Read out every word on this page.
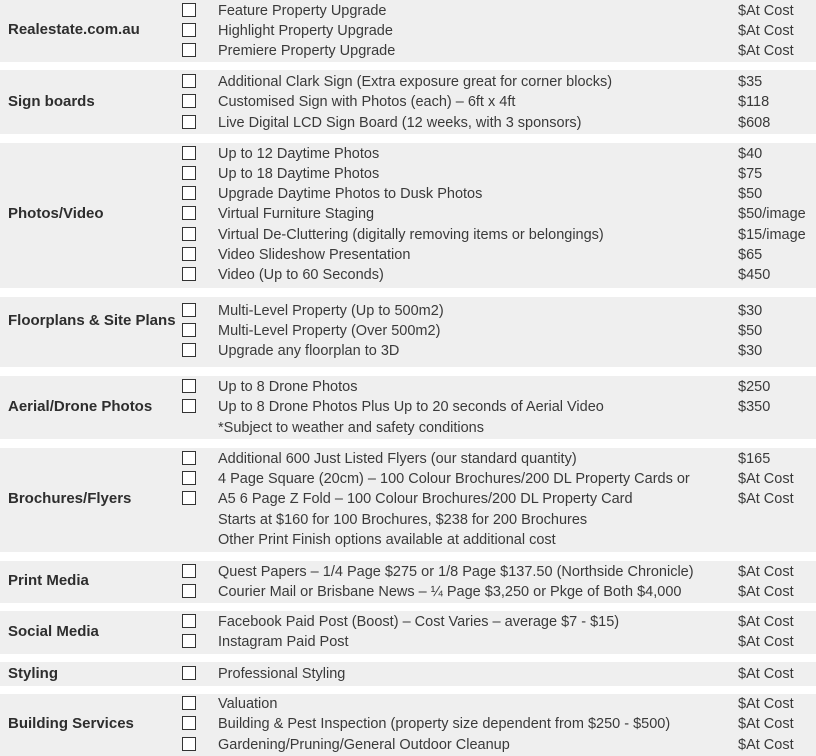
Realestate.com.au
Feature Property Upgrade	$At Cost
Highlight Property Upgrade	$At Cost
Premiere Property Upgrade	$At Cost
Sign boards
Additional Clark Sign (Extra exposure great for corner blocks)	$35
Customised Sign with Photos (each) – 6ft x 4ft	$118
Live Digital LCD Sign Board (12 weeks, with 3 sponsors)	$608
Photos/Video
Up to 12 Daytime Photos	$40
Up to 18 Daytime Photos	$75
Upgrade Daytime Photos to Dusk Photos	$50
Virtual Furniture Staging	$50/image
Virtual De-Cluttering (digitally removing items or belongings)	$15/image
Video Slideshow Presentation	$65
Video (Up to 60 Seconds)	$450
Floorplans & Site Plans
Multi-Level Property (Up to 500m2)	$30
Multi-Level Property (Over 500m2)	$50
Upgrade any floorplan to 3D	$30
Aerial/Drone Photos
Up to 8 Drone Photos	$250
Up to 8 Drone Photos Plus Up to 20 seconds of Aerial Video	$350
*Subject to weather and safety conditions
Brochures/Flyers
Additional 600 Just Listed Flyers (our standard quantity)	$165
4 Page Square (20cm) – 100 Colour Brochures/200 DL Property Cards or	$At Cost
A5 6 Page Z Fold – 100 Colour Brochures/200 DL Property Card	$At Cost
Starts at $160 for 100 Brochures, $238 for 200 Brochures
Other Print Finish options available at additional cost
Print Media	Quest Papers – 1/4 Page $275 or 1/8 Page $137.50 (Northside Chronicle)	$At Cost
Courier Mail or Brisbane News – ¼ Page $3,250 or Pkge of Both $4,000	$At Cost
Social Media
Facebook Paid Post (Boost) – Cost Varies – average $7 - $15)	$At Cost
Instagram Paid Post	$At Cost
Styling	Professional Styling	$At Cost
Building Services
Valuation	$At Cost
Building & Pest Inspection (property size dependent from $250 - $500)	$At Cost
Gardening/Pruning/General Outdoor Cleanup	$At Cost
